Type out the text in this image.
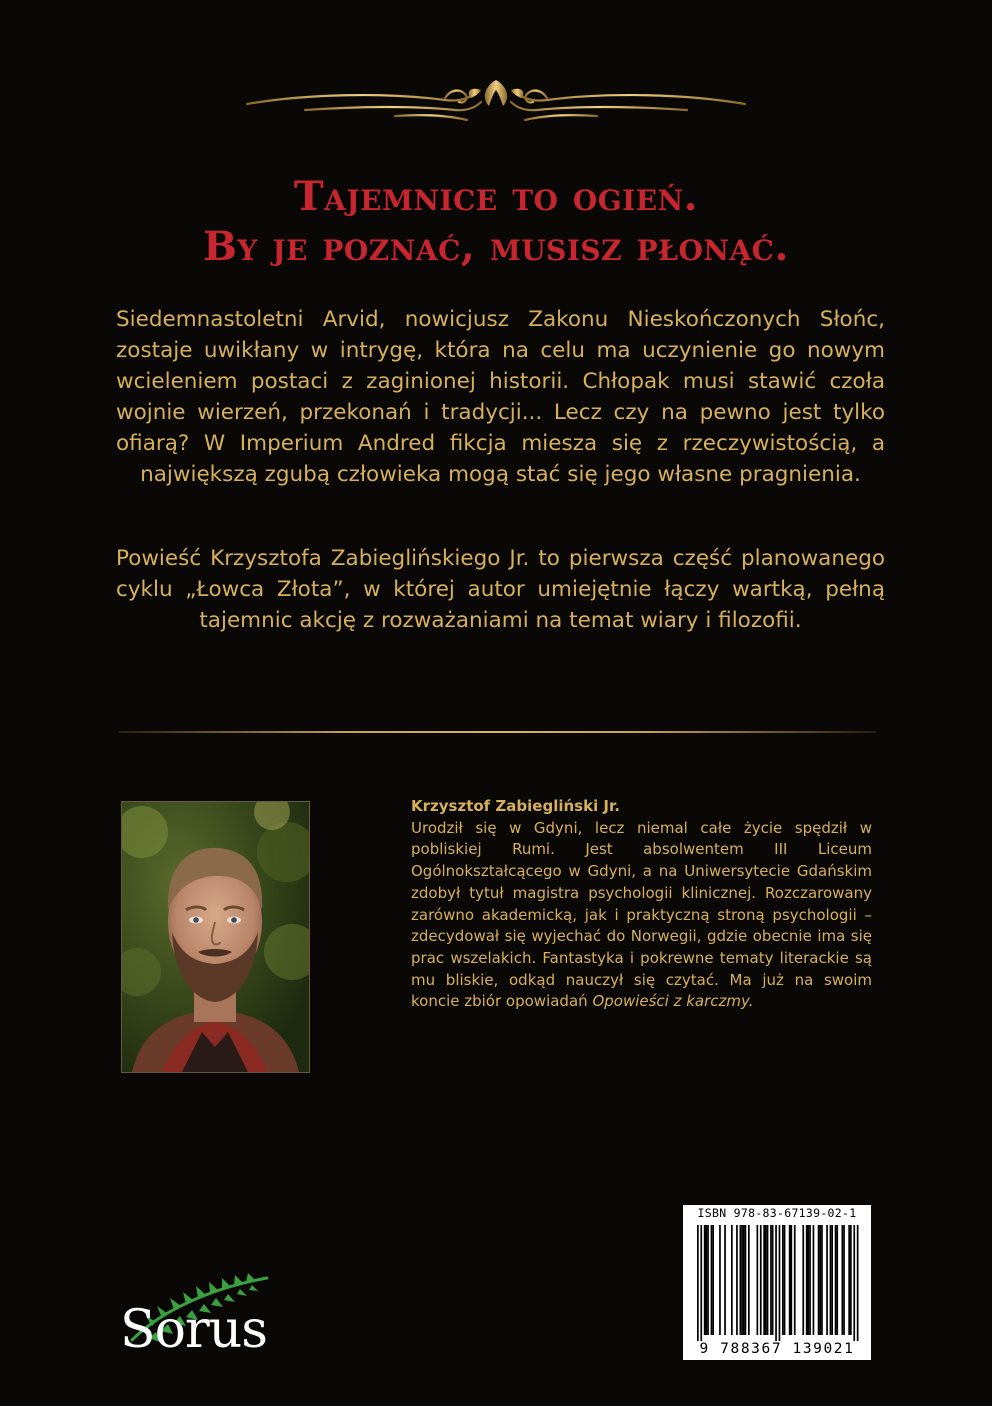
Tajemnice to ogień.
By je poznać, musisz płonąć.
Siedemnastoletni Arvid, nowicjusz Zakonu Nieskończonych Słońc, zostaje uwikłany w intrygę, która na celu ma uczynienie go nowym wcieleniem postaci z zaginionej historii. Chłopak musi stawić czoła wojnie wierzeń, przekonań i tradycji... Lecz czy na pewno jest tylko ofiarą? W Imperium Andred fikcja miesza się z rzeczywistością, a największą zgubą człowieka mogą stać się jego własne pragnienia.
Powieść Krzysztofa Zabieglińskiego Jr. to pierwsza część planowanego cyklu „Łowca Złota”, w której autor umiejętnie łączy wartką, pełną tajemnic akcję z rozważaniami na temat wiary i filozofii.
Krzysztof Zabiegliński Jr.
Urodził się w Gdyni, lecz niemal całe życie spędził w pobliskiej Rumi. Jest absolwentem III Liceum Ogólnokształcącego w Gdyni, a na Uniwersytecie Gdańskim zdobył tytuł magistra psychologii klinicznej. Rozczarowany zarówno akademicką, jak i praktyczną stroną psychologii – zdecydował się wyjechać do Norwegii, gdzie obecnie ima się prac wszelakich. Fantastyka i pokrewne tematy literackie są mu bliskie, odkąd nauczył się czytać. Ma już na swoim koncie zbiór opowiadań Opowieści z karczmy.
ISBN 978-83-67139-02-1
9 788367 139021
Sorus
